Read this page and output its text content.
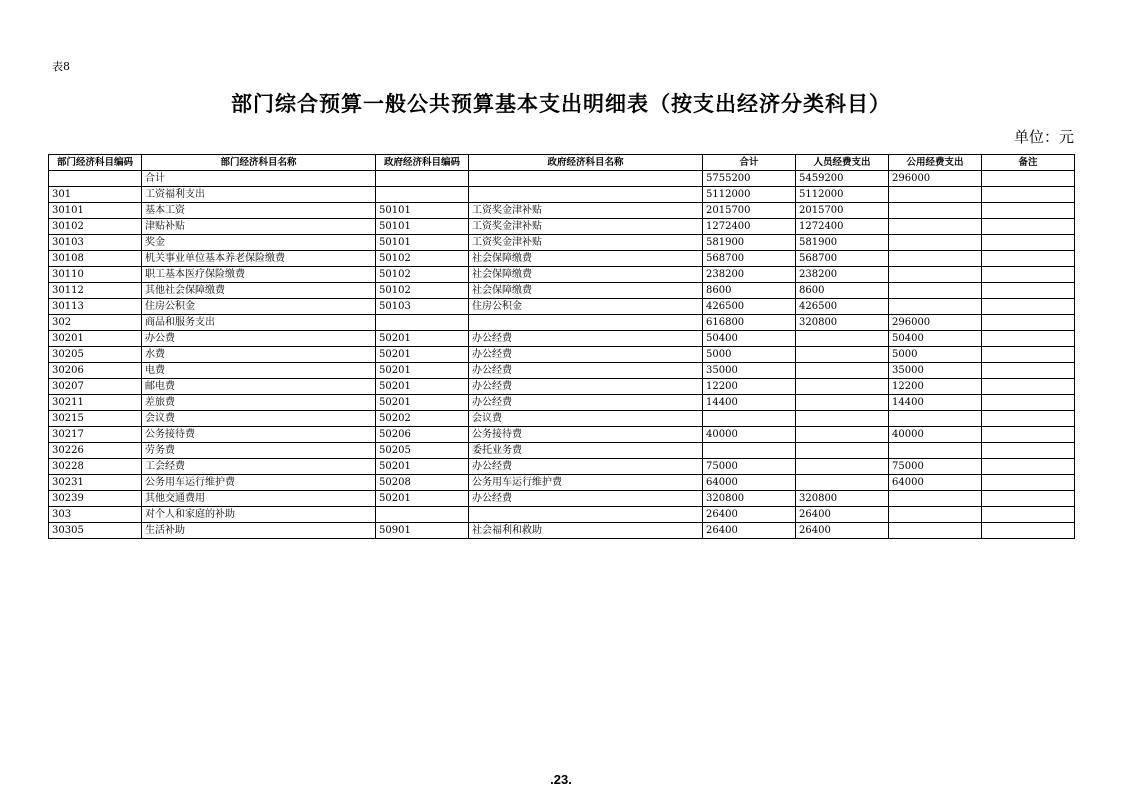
表8
部门综合预算一般公共预算基本支出明细表（按支出经济分类科目）
单位：元
部门经济科目编码	部门经济科目名称	政府经济科目编码	政府经济科目名称	合计	人员经费支出	公用经费支出	备注
	合计			5755200	5459200	296000	
301	工资福利支出			5112000	5112000		
30101	基本工资	50101	工资奖金津补贴	2015700	2015700		
30102	津贴补贴	50101	工资奖金津补贴	1272400	1272400		
30103	奖金	50101	工资奖金津补贴	581900	581900		
30108	机关事业单位基本养老保险缴费	50102	社会保障缴费	568700	568700		
30110	职工基本医疗保险缴费	50102	社会保障缴费	238200	238200		
30112	其他社会保障缴费	50102	社会保障缴费	8600	8600		
30113	住房公积金	50103	住房公积金	426500	426500		
302	商品和服务支出			616800	320800	296000	
30201	办公费	50201	办公经费	50400		50400	
30205	水费	50201	办公经费	5000		5000	
30206	电费	50201	办公经费	35000		35000	
30207	邮电费	50201	办公经费	12200		12200	
30211	差旅费	50201	办公经费	14400		14400	
30215	会议费	50202	会议费				
30217	公务接待费	50206	公务接待费	40000		40000	
30226	劳务费	50205	委托业务费				
30228	工会经费	50201	办公经费	75000		75000	
30231	公务用车运行维护费	50208	公务用车运行维护费	64000		64000	
30239	其他交通费用	50201	办公经费	320800	320800		
303	对个人和家庭的补助			26400	26400		
30305	生活补助	50901	社会福利和救助	26400	26400		
.23.
